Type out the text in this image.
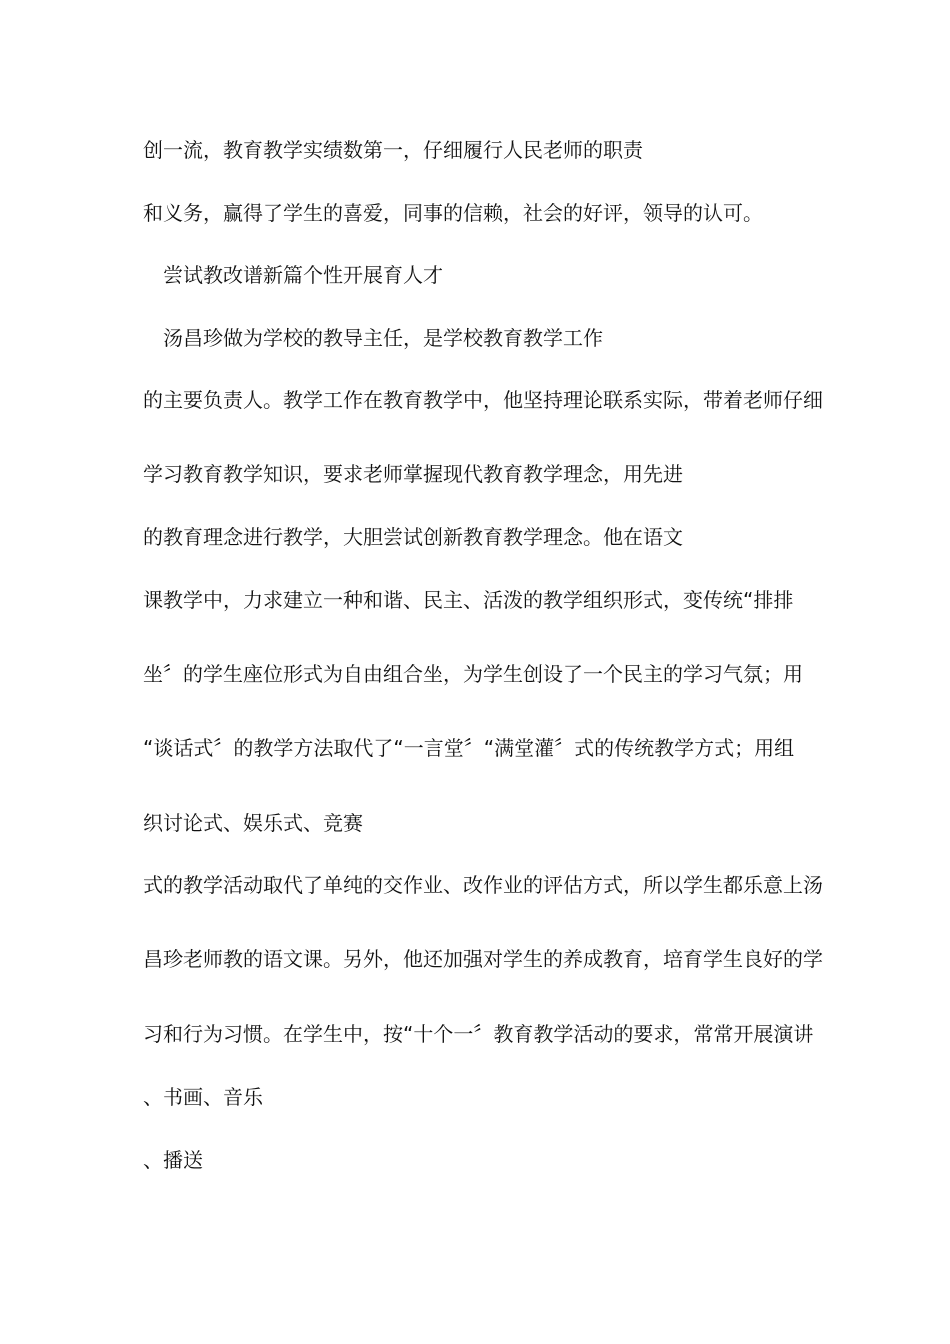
创一流，教育教学实绩数第一，仔细履行人民老师的职责
和义务，赢得了学生的喜爱，同事的信赖，社会的好评，领导的认可。
尝试教改谱新篇个性开展育人才
汤昌珍做为学校的教导主任，是学校教育教学工作
的主要负责人。教学工作在教育教学中，他坚持理论联系实际，带着老师仔细
学习教育教学知识，要求老师掌握现代教育教学理念，用先进
的教育理念进行教学，大胆尝试创新教育教学理念。他在语文
课教学中，力求建立一种和谐、民主、活泼的教学组织形式，变传统“排排
坐〞的学生座位形式为自由组合坐，为学生创设了一个民主的学习气氛；用
“谈话式〞的教学方法取代了“一言堂〞“满堂灌〞式的传统教学方式；用组
织讨论式、娱乐式、竞赛
式的教学活动取代了单纯的交作业、改作业的评估方式，所以学生都乐意上汤
昌珍老师教的语文课。另外，他还加强对学生的养成教育，培育学生良好的学
习和行为习惯。在学生中，按“十个一〞教育教学活动的要求，常常开展演讲
、书画、音乐
、播送
